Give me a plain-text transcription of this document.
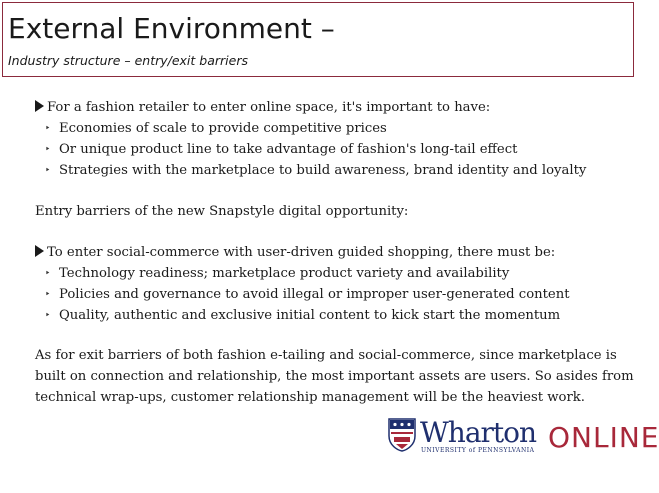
External Environment –
Industry structure – entry/exit barriers
For a fashion retailer to enter online space, it's important to have:
‣ Economies of scale to provide competitive prices
‣ Or unique product line to take advantage of fashion's long-tail effect
‣ Strategies with the marketplace to build awareness, brand identity and loyalty
Entry barriers of the new Snapstyle digital opportunity:
To enter social-commerce with user-driven guided shopping, there must be:
‣ Technology readiness; marketplace product variety and availability
‣ Policies and governance to avoid illegal or improper user-generated content
‣ Quality, authentic and exclusive initial content to kick start the momentum
As for exit barriers of both fashion e-tailing and social-commerce, since marketplace is
built on connection and relationship, the most important assets are users. So asides from
technical wrap-ups, customer relationship management will be the heaviest work.
Wharton
UNIVERSITY of PENNSYLVANIA ONLINE
